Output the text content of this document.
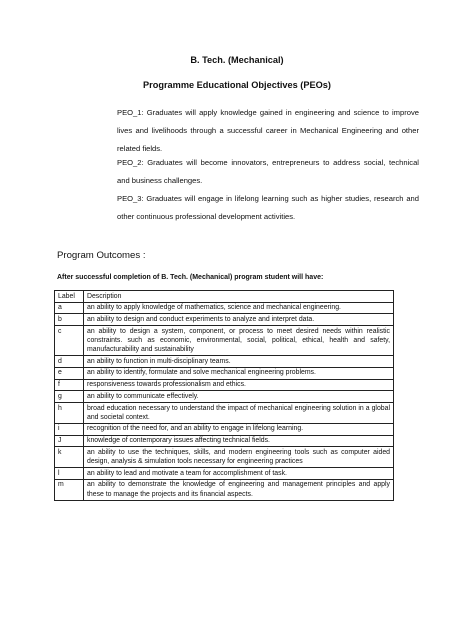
B. Tech. (Mechanical)
Programme Educational Objectives (PEOs)
PEO_1: Graduates will apply knowledge gained in engineering and science to improve lives and livelihoods through a successful career in Mechanical Engineering and other related fields.
PEO_2: Graduates will become innovators, entrepreneurs to address social, technical and business challenges.
PEO_3: Graduates will engage in lifelong learning such as higher studies, research and other continuous professional development activities.
Program Outcomes :
After successful completion of B. Tech. (Mechanical) program student will have:
Label	Description
a	an ability to apply knowledge of mathematics, science and mechanical engineering.
b	an ability to design and conduct experiments to analyze and interpret data.
c	an ability to design a system, component, or process to meet desired needs within realistic constraints. such as economic, environmental, social, political, ethical, health and safety, manufacturability and sustainability
d	an ability to function in multi-disciplinary teams.
e	an ability to identify, formulate and solve mechanical engineering problems.
f	responsiveness towards professionalism and ethics.
g	an ability to communicate effectively.
h	broad education necessary to understand the impact of mechanical engineering solution in a global and societal context.
i	recognition of the need for, and an ability to engage in lifelong learning.
J	knowledge of contemporary issues affecting technical fields.
k	an ability to use the techniques, skills, and modern engineering tools such as computer aided design, analysis & simulation tools necessary for engineering practices
l	an ability to lead and motivate a team for accomplishment of task.
m	an ability to demonstrate the knowledge of engineering and management principles and apply these to manage the projects and its financial aspects.
